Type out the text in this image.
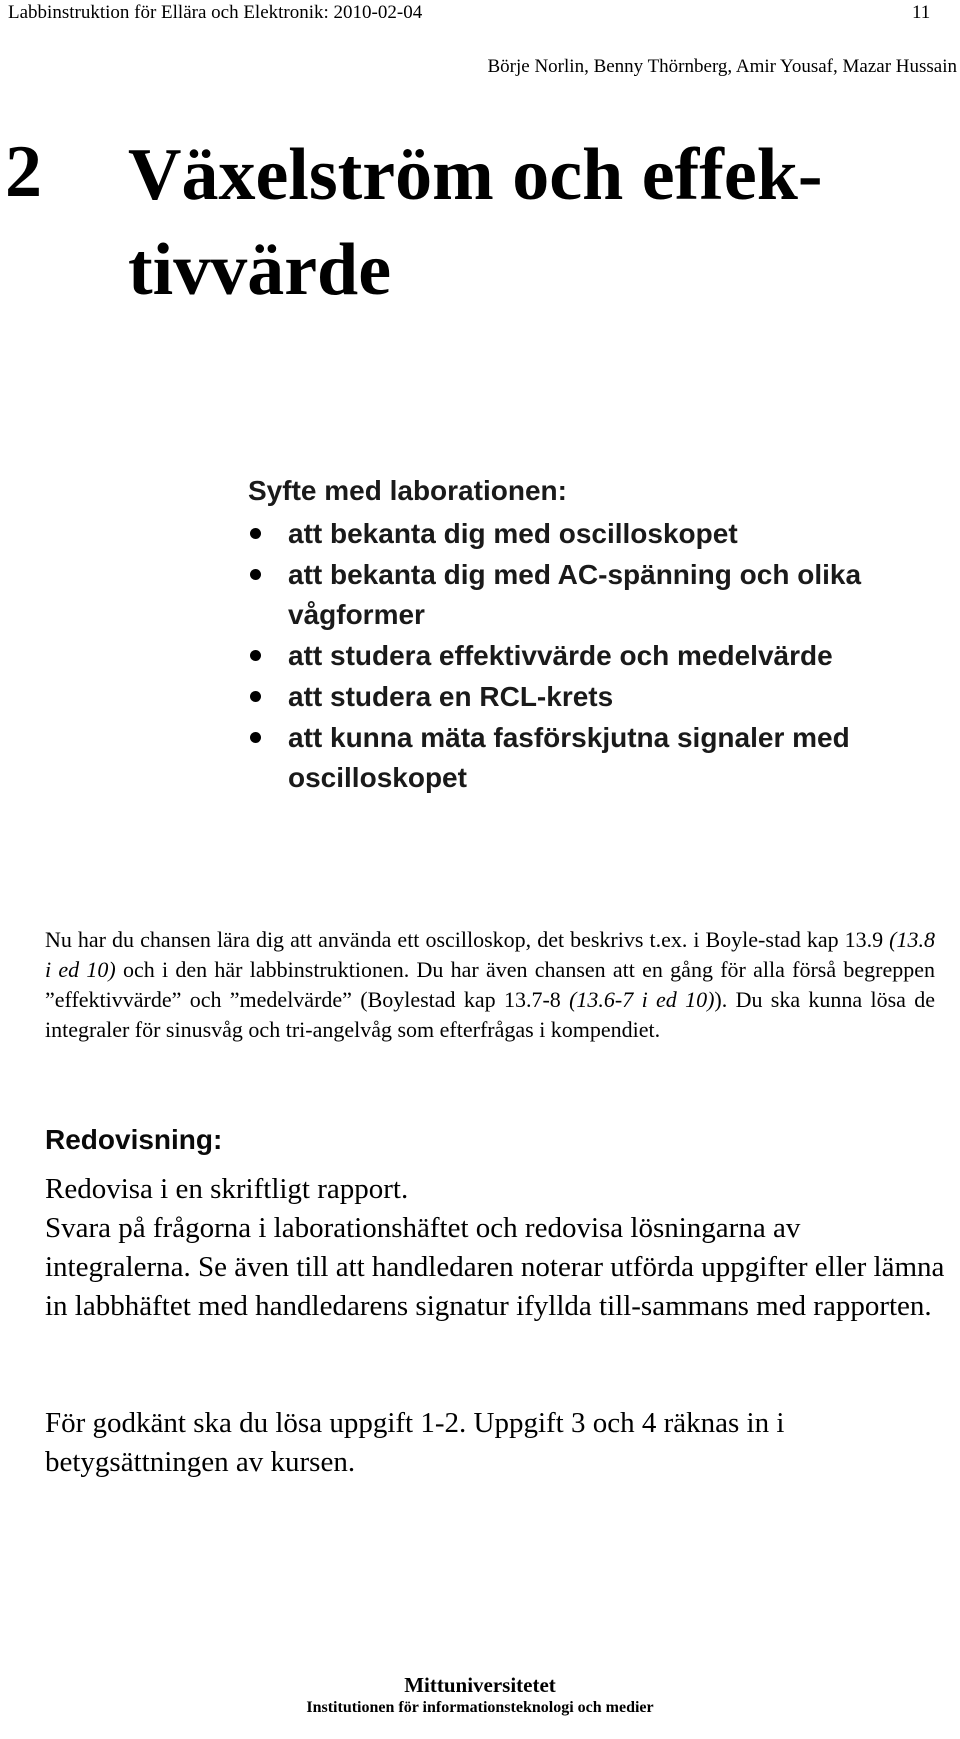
Labbinstruktion för Ellära och Elektronik: 2010-02-04	11
Börje Norlin, Benny Thörnberg, Amir Yousaf, Mazar Hussain
2 Växelström och effek-tivvärde
Syfte med laborationen:
att bekanta dig med oscilloskopet
att bekanta dig med AC-spänning och olika vågformer
att studera effektivvärde och medelvärde
att studera en RCL-krets
att kunna mäta fasförskjutna signaler med oscilloskopet
Nu har du chansen lära dig att använda ett oscilloskop, det beskrivs t.ex. i Boyle-stad kap 13.9 (13.8 i ed 10) och i den här labbinstruktionen. Du har även chansen att en gång för alla förså begreppen ”effektivvärde” och ”medelvärde” (Boylestad kap 13.7-8 (13.6-7 i ed 10)). Du ska kunna lösa de integraler för sinusvåg och tri-angelvåg som efterfrågas i kompendiet.
Redovisning:

Redovisa i en skriftligt rapport.

Svara på frågorna i laborationshäftet och redovisa lösningarna av integralerna. Se även till att handledaren noterar utförda uppgifter eller lämna in labbhäftet med handledarens signatur ifyllda till-sammans med rapporten.

För godkänt ska du lösa uppgift 1-2. Uppgift 3 och 4 räknas in i betygsättningen av kursen.
Mittuniversitetet
Institutionen för informationsteknologi och medier
